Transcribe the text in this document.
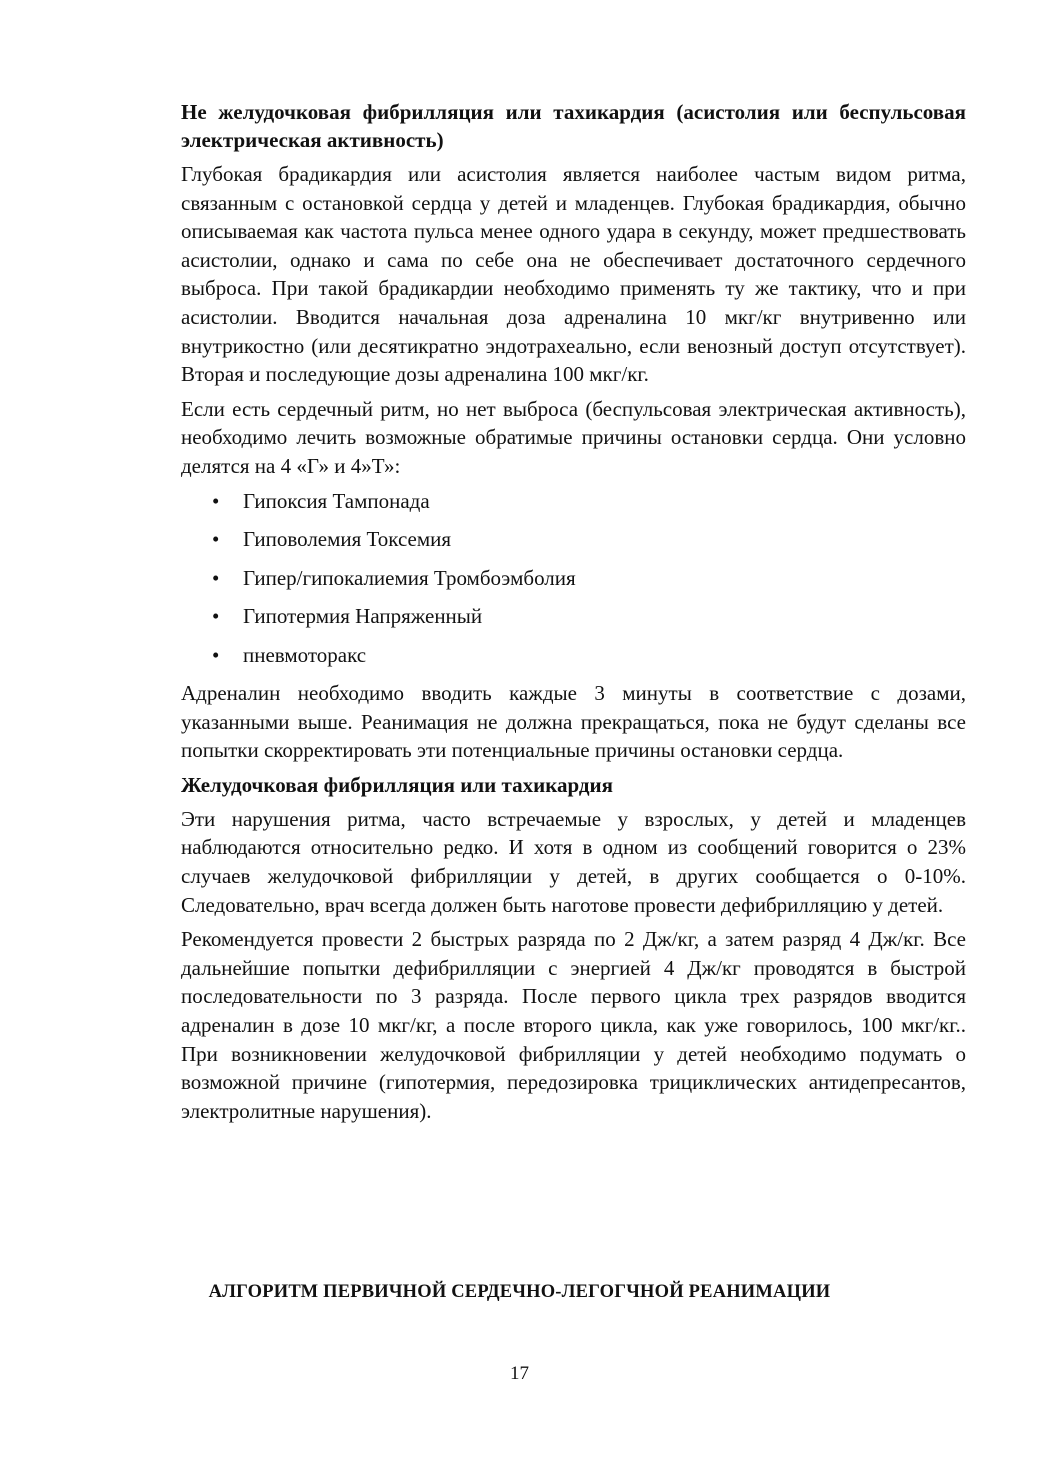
Не желудочковая фибрилляция или тахикардия (асистолия или беспульсовая электрическая активность)

Глубокая брадикардия или асистолия является наиболее частым видом ритма, связанным с остановкой сердца у детей и младенцев. Глубокая брадикардия, обычно описываемая как частота пульса менее одного удара в секунду, может предшествовать асистолии, однако и сама по себе она не обеспечивает достаточного сердечного выброса. При такой брадикардии необходимо применять ту же тактику, что и при асистолии. Вводится начальная доза адреналина 10 мкг/кг внутривенно или внутрикостно (или десятикратно эндотрахеально, если венозный доступ отсутствует). Вторая и последующие дозы адреналина 100 мкг/кг.

Если есть сердечный ритм, но нет выброса (беспульсовая электрическая активность), необходимо лечить возможные обратимые причины остановки сердца. Они условно делятся на 4 «Г» и 4»Т»:

• Гипоксия Тампонада
• Гиповолемия Токсемия
• Гипер/гипокалиемия Тромбоэмболия
• Гипотермия Напряженный
• пневмоторакс

Адреналин необходимо вводить каждые 3 минуты в соответствие с дозами, указанными выше. Реанимация не должна прекращаться, пока не будут сделаны все попытки скорректировать эти потенциальные причины остановки сердца.

Желудочковая фибрилляция или тахикардия

Эти нарушения ритма, часто встречаемые у взрослых, у детей и младенцев наблюдаются относительно редко. И хотя в одном из сообщений говорится о 23% случаев желудочковой фибрилляции у детей, в других сообщается о 0-10%. Следовательно, врач всегда должен быть наготове провести дефибрилляцию у детей.

Рекомендуется провести 2 быстрых разряда по 2 Дж/кг, а затем разряд 4 Дж/кг. Все дальнейшие попытки дефибрилляции с энергией 4 Дж/кг проводятся в быстрой последовательности по 3 разряда. После первого цикла трех разрядов вводится адреналин в дозе 10 мкг/кг, а после второго цикла, как уже говорилось, 100 мкг/кг.. При возникновении желудочковой фибрилляции у детей необходимо подумать о возможной причине (гипотермия, передозировка трициклических антидепресантов, электролитные нарушения).

АЛГОРИТМ ПЕРВИЧНОЙ СЕРДЕЧНО-ЛЕГОГЧНОЙ РЕАНИМАЦИИ

17
